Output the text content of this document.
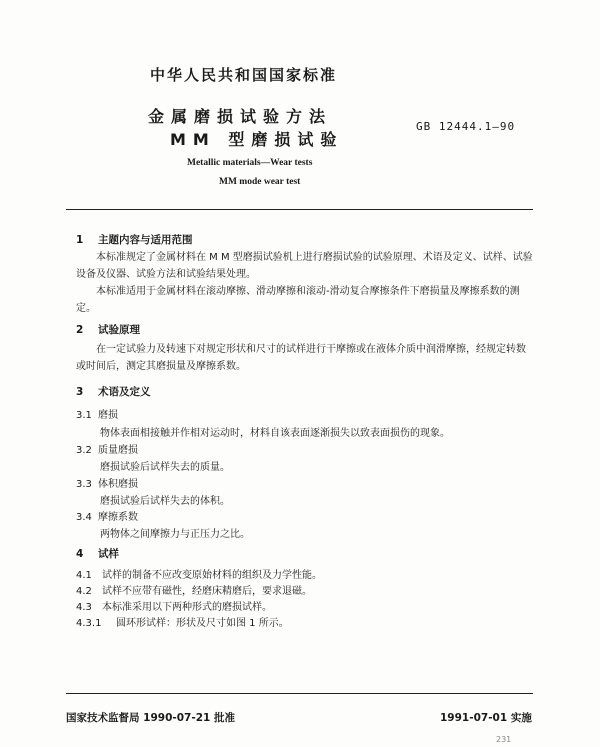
中华人民共和国国家标准
金属磨损试验方法
MM 型磨损试验
GB 12444.1—90
Metallic materials—Wear tests
MM mode wear test
1 主题内容与适用范围
本标准规定了金属材料在 M M 型磨损试验机上进行磨损试验的试验原理、术语及定义、试样、试验设备及仪器、试验方法和试验结果处理。
本标准适用于金属材料在滚动摩擦、滑动摩擦和滚动-滑动复合摩擦条件下磨损量及摩擦系数的测定。
2 试验原理
在一定试验力及转速下对规定形状和尺寸的试样进行干摩擦或在液体介质中润滑摩擦，经规定转数或时间后，测定其磨损量及摩擦系数。
3 术语及定义
3.1 磨损
物体表面相接触并作相对运动时，材料自该表面逐渐损失以致表面损伤的现象。
3.2 质量磨损
磨损试验后试样失去的质量。
3.3 体积磨损
磨损试验后试样失去的体积。
3.4 摩擦系数
两物体之间摩擦力与正压力之比。
4 试样
4.1 试样的制备不应改变原始材料的组织及力学性能。
4.2 试样不应带有磁性，经磨床精磨后，要求退磁。
4.3 本标准采用以下两种形式的磨损试样。
4.3.1 圆环形试样：形状及尺寸如图 1 所示。
国家技术监督局 1990-07-21 批准	1991-07-01 实施
231
